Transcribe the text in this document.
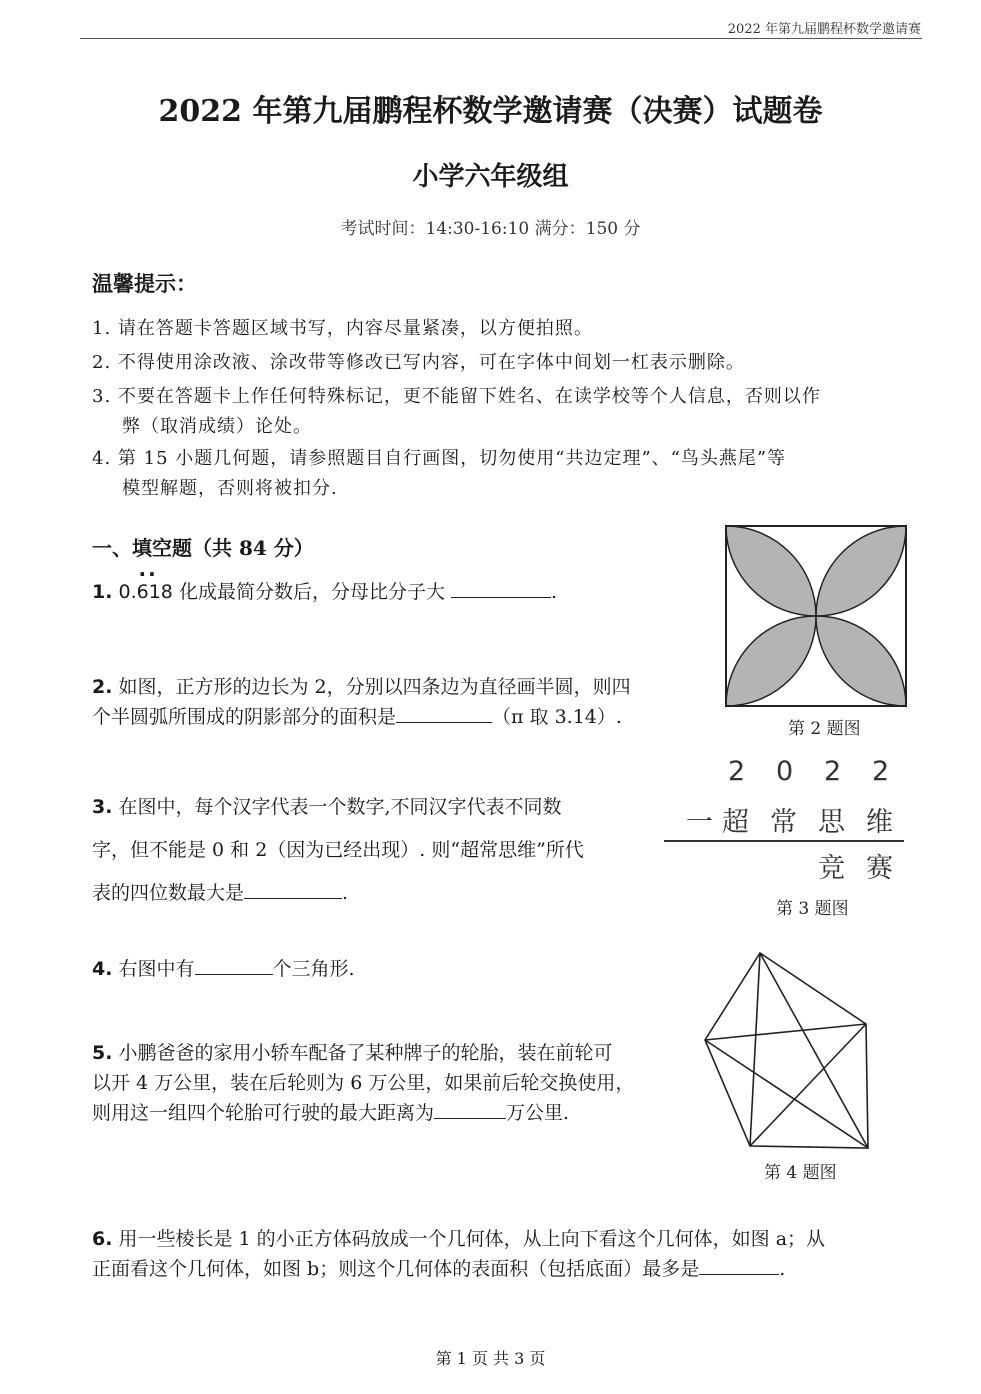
2022 年第九届鹏程杯数学邀请赛
2022 年第九届鹏程杯数学邀请赛（决赛）试题卷
小学六年级组
考试时间：14:30-16:10 满分：150 分
温馨提示：
1. 请在答题卡答题区域书写，内容尽量紧凑，以方便拍照。
2. 不得使用涂改液、涂改带等修改已写内容，可在字体中间划一杠表示删除。
3. 不要在答题卡上作任何特殊标记，更不能留下姓名、在读学校等个人信息，否则以作
弊（取消成绩）论处。
4. 第 15 小题几何题，请参照题目自行画图，切勿使用“共边定理”、“鸟头燕尾”等
模型解题，否则将被扣分.
一、填空题（共 84 分）
1.
··
0.618 化成最简分数后，分母比分子大	.
2. 如图，正方形的边长为 2，分别以四条边为直径画半圆，则四
个半圆弧所围成的阴影部分的面积是	（π 取 3.14）.
3. 在图中，每个汉字代表一个数字,不同汉字代表不同数
字，但不能是 0 和 2（因为已经出现）. 则“超常思维”所代
表的四位数最大是	.
4. 右图中有	个三角形.
5. 小鹏爸爸的家用小轿车配备了某种牌子的轮胎，装在前轮可
以开 4 万公里，装在后轮则为 6 万公里，如果前后轮交换使用，
则用这一组四个轮胎可行驶的最大距离为	万公里.
6. 用一些棱长是 1 的小正方体码放成一个几何体，从上向下看这个几何体，如图 a；从
正面看这个几何体，如图 b；则这个几何体的表面积（包括底面）最多是	.
第 2 题图
2 0 2 2
一 超 常 思 维
竞 赛
第 3 题图
第 4 题图
第 1 页 共 3 页
